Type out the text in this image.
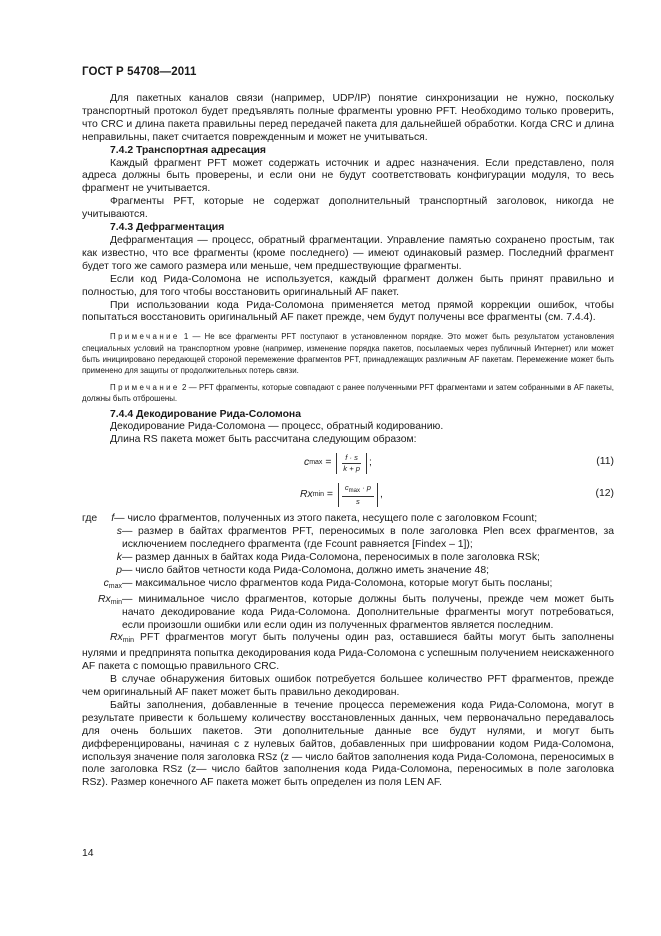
ГОСТ Р 54708—2011

Для пакетных каналов связи (например, UDP/IP) понятие синхронизации не нужно, поскольку транспортный протокол будет предъявлять полные фрагменты уровню PFT. Необходимо только проверить, что CRC и длина пакета правильны перед передачей пакета для дальнейшей обработки. Когда CRC и длина неправильны, пакет считается поврежденным и может не учитываться.

7.4.2 Транспортная адресация

Каждый фрагмент PFT может содержать источник и адрес назначения. Если представлено, поля адреса должны быть проверены, и если они не будут соответствовать конфигурации модуля, то весь фрагмент не учитывается.

Фрагменты PFT, которые не содержат дополнительный транспортный заголовок, никогда не учитываются.

7.4.3 Дефрагментация

Дефрагментация — процесс, обратный фрагментации. Управление памятью сохранено простым, так как известно, что все фрагменты (кроме последнего) — имеют одинаковый размер. Последний фрагмент будет того же самого размера или меньше, чем предшествующие фрагменты.

Если код Рида-Соломона не используется, каждый фрагмент должен быть принят правильно и полностью, для того чтобы восстановить оригинальный AF пакет.

При использовании кода Рида-Соломона применяется метод прямой коррекции ошибок, чтобы попытаться восстановить оригинальный AF пакет прежде, чем будут получены все фрагменты (см. 7.4.4).

Примечание 1 — Не все фрагменты PFT поступают в установленном порядке. Это может быть результатом установления специальных условий на транспортном уровне (например, изменение порядка пакетов, посылаемых через публичный Интернет) или может быть инициировано передающей стороной перемежение фрагментов PFT, принадлежащих различным AF пакетам. Перемежение может быть применено для защиты от продолжительных потерь связи.

Примечание 2 — PFT фрагменты, которые совпадают с ранее полученными PFT фрагментами и затем собранными в AF пакеты, должны быть отброшены.

7.4.4 Декодирование Рида-Соломона

Декодирование Рида-Соломона — процесс, обратный кодированию.

Длина RS пакета может быть рассчитана следующим образом:

c $\max = \frac{f \cdot s}{k + p}$ ;	(11)
Rx $\min = \frac{c_{max} \cdot p}{s}$ ,	(12)
где	f — число фрагментов, полученных из этого пакета, несущего поле с заголовком Fcount;
s — размер в байтах фрагментов PFT, переносимых в поле заголовка Plen всех фрагментов, за исключением последнего фрагмента (где Fcount равняется [Findex – 1]);
k — размер данных в байтах кода Рида-Соломона, переносимых в поле заголовка RSk;
p — число байтов четности кода Рида-Соломона, должно иметь значение 48;
$c_{max}$ — максимальное число фрагментов кода Рида-Соломона, которые могут быть посланы;
$Rx_{min}$ — минимальное число фрагментов, которые должны быть получены, прежде чем может быть начато декодирование кода Рида-Соломона. Дополнительные фрагменты могут потребоваться, если произошли ошибки или если один из полученных фрагментов является последним.

$Rx_{min}$ PFT фрагментов могут быть получены один раз, оставшиеся байты могут быть заполнены нулями и предпринята попытка декодирования кода Рида-Соломона с успешным получением неискаженного AF пакета с помощью правильного CRC.

В случае обнаружения битовых ошибок потребуется большее количество PFT фрагментов, прежде чем оригинальный AF пакет может быть правильно декодирован.

Байты заполнения, добавленные в течение процесса перемежения кода Рида-Соломона, могут в результате привести к большему количеству восстановленных данных, чем первоначально передавалось для очень больших пакетов. Эти дополнительные данные все будут нулями, и могут быть дифференцированы, начиная с z нулевых байтов, добавленных при шифровании кодом Рида-Соломона, используя значение поля заголовка RSz (z — число байтов заполнения кода Рида-Соломона, переносимых в поле заголовка RSz (z— число байтов заполнения кода Рида-Соломона, переносимых в поле заголовка RSz). Размер конечного AF пакета может быть определен из поля LEN AF.

14
